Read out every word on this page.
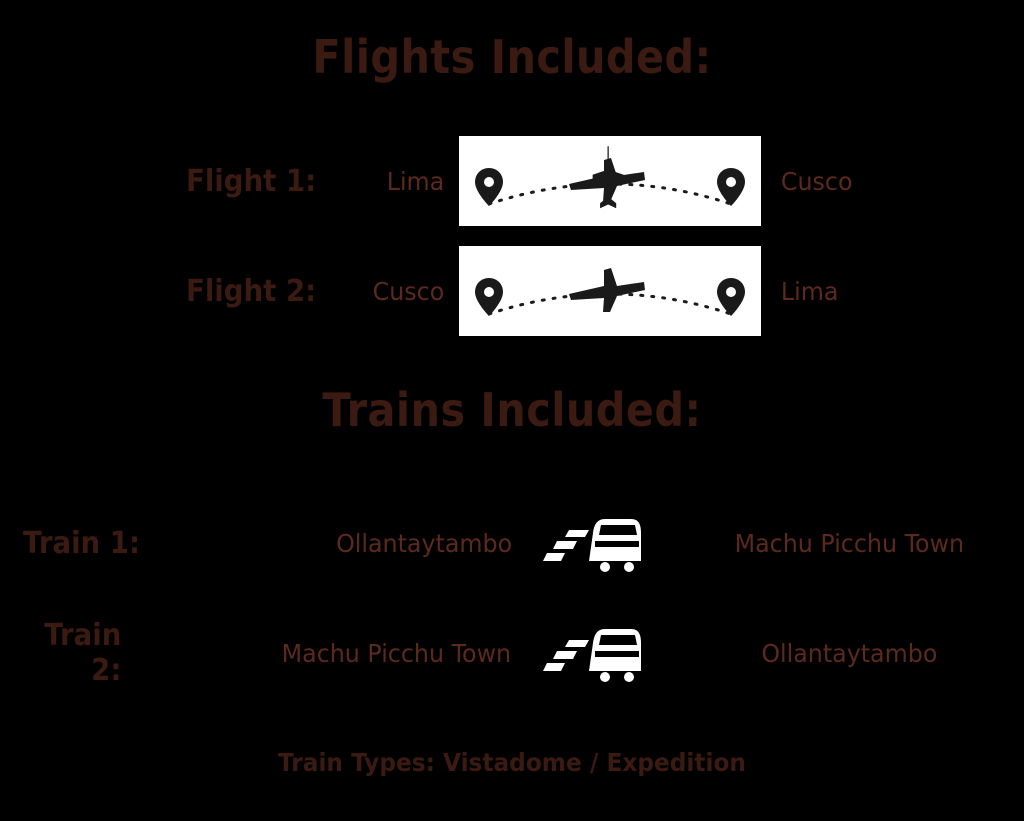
Flights Included:
Flight 1:	Lima	Cusco
Flight 2:	Cusco	Lima
Trains Included:
Train 1:	Ollantaytambo	Machu Picchu Town
Train 2:	Machu Picchu Town	Ollantaytambo
Train Types: Vistadome / Expedition
